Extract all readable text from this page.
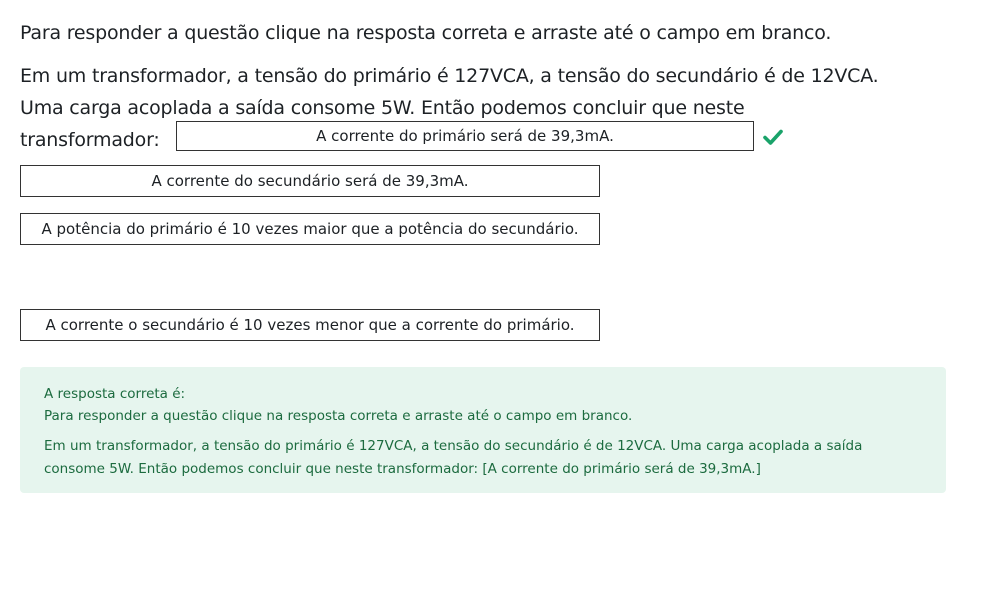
Para responder a questão clique na resposta correta e arraste até o campo em branco.
Em um transformador, a tensão do primário é 127VCA, a tensão do secundário é de 12VCA.
Uma carga acoplada a saída consome 5W. Então podemos concluir que neste
transformador:	A corrente do primário será de 39,3mA.
A corrente do secundário será de 39,3mA.
A potência do primário é 10 vezes maior que a potência do secundário.
A corrente o secundário é 10 vezes menor que a corrente do primário.
A resposta correta é:
Para responder a questão clique na resposta correta e arraste até o campo em branco.
Em um transformador, a tensão do primário é 127VCA, a tensão do secundário é de 12VCA. Uma carga acoplada a saída
consome 5W. Então podemos concluir que neste transformador: [A corrente do primário será de 39,3mA.]
